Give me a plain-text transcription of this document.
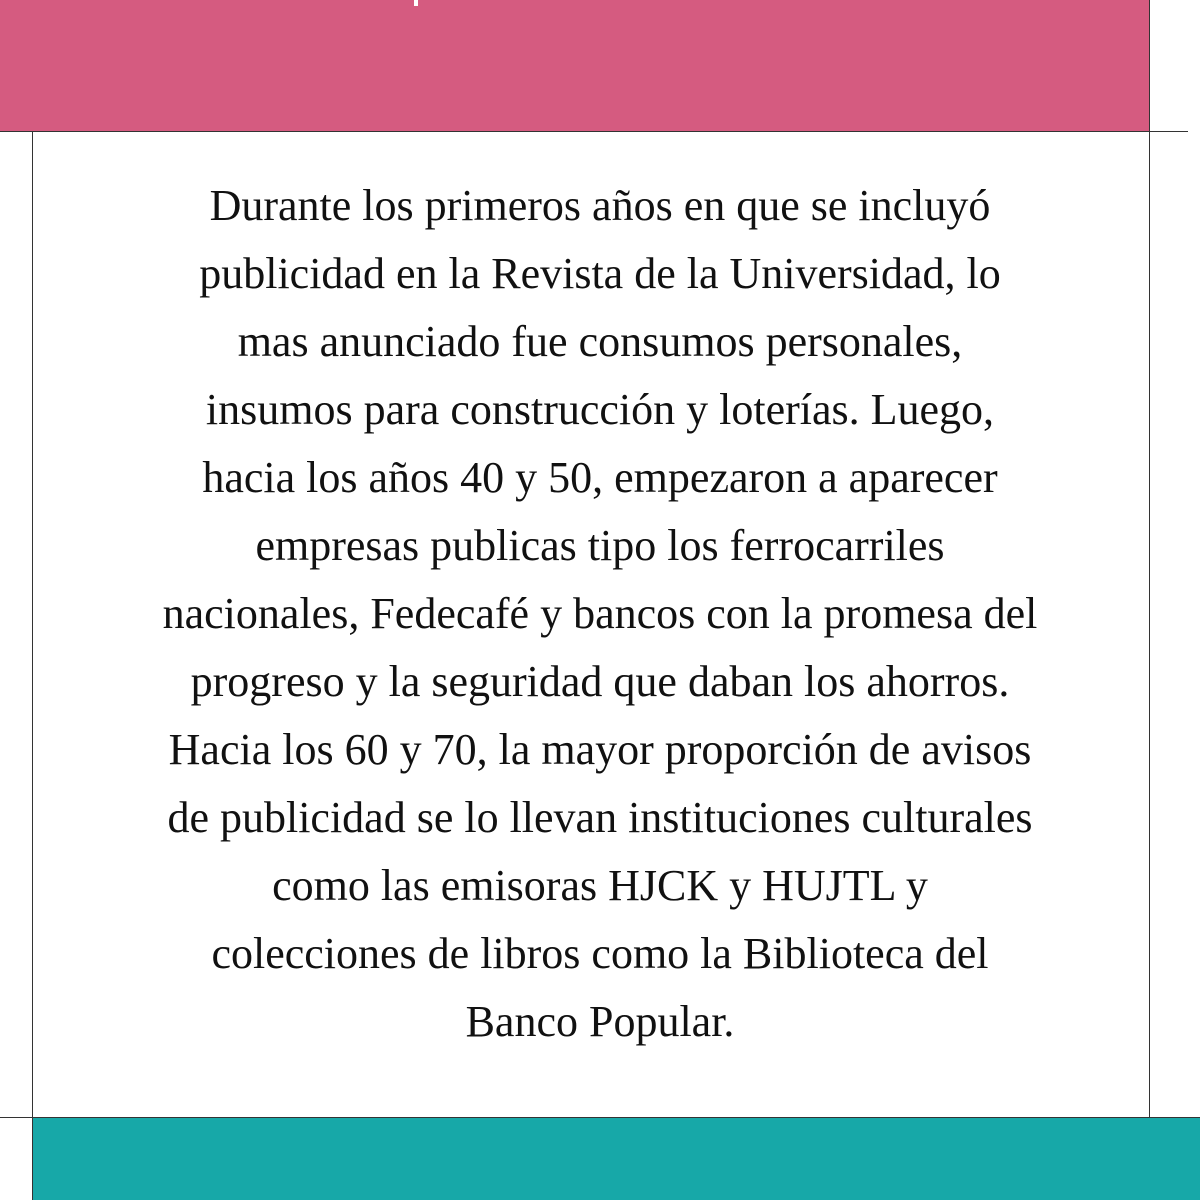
Durante los primeros años en que se incluyó
publicidad en la Revista de la Universidad, lo
mas anunciado fue consumos personales,
insumos para construcción y loterías. Luego,
hacia los años 40 y 50, empezaron a aparecer
empresas publicas tipo los ferrocarriles
nacionales, Fedecafé y bancos con la promesa del
progreso y la seguridad que daban los ahorros.
Hacia los 60 y 70, la mayor proporción de avisos
de publicidad se lo llevan instituciones culturales
como las emisoras HJCK y HUJTL y
colecciones de libros como la Biblioteca del
Banco Popular.
